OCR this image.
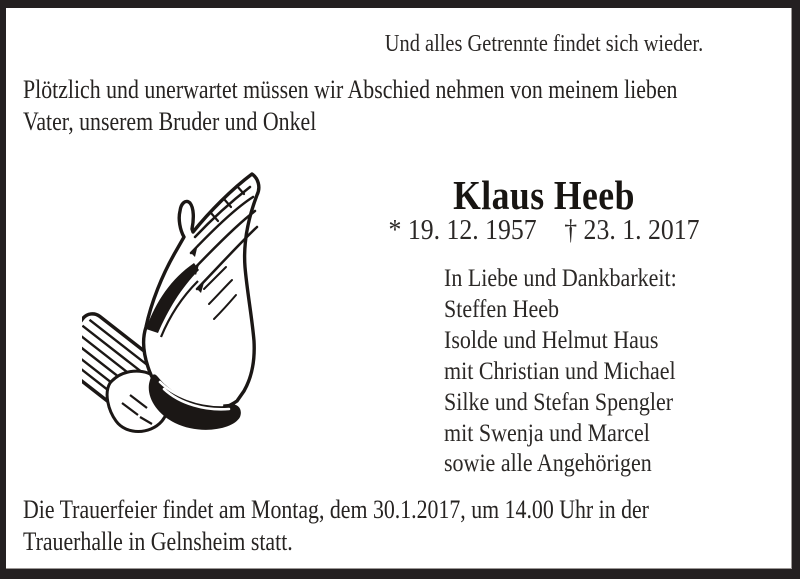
Und alles Getrennte findet sich wieder.
Plötzlich und unerwartet müssen wir Abschied nehmen von meinem lieben
Vater, unserem Bruder und Onkel
Klaus Heeb
* 19. 12. 1957 † 23. 1. 2017
In Liebe und Dankbarkeit:
Steffen Heeb
Isolde und Helmut Haus
mit Christian und Michael
Silke und Stefan Spengler
mit Swenja und Marcel
sowie alle Angehörigen
Die Trauerfeier findet am Montag, dem 30.1.2017, um 14.00 Uhr in der
Trauerhalle in Gelnsheim statt.
